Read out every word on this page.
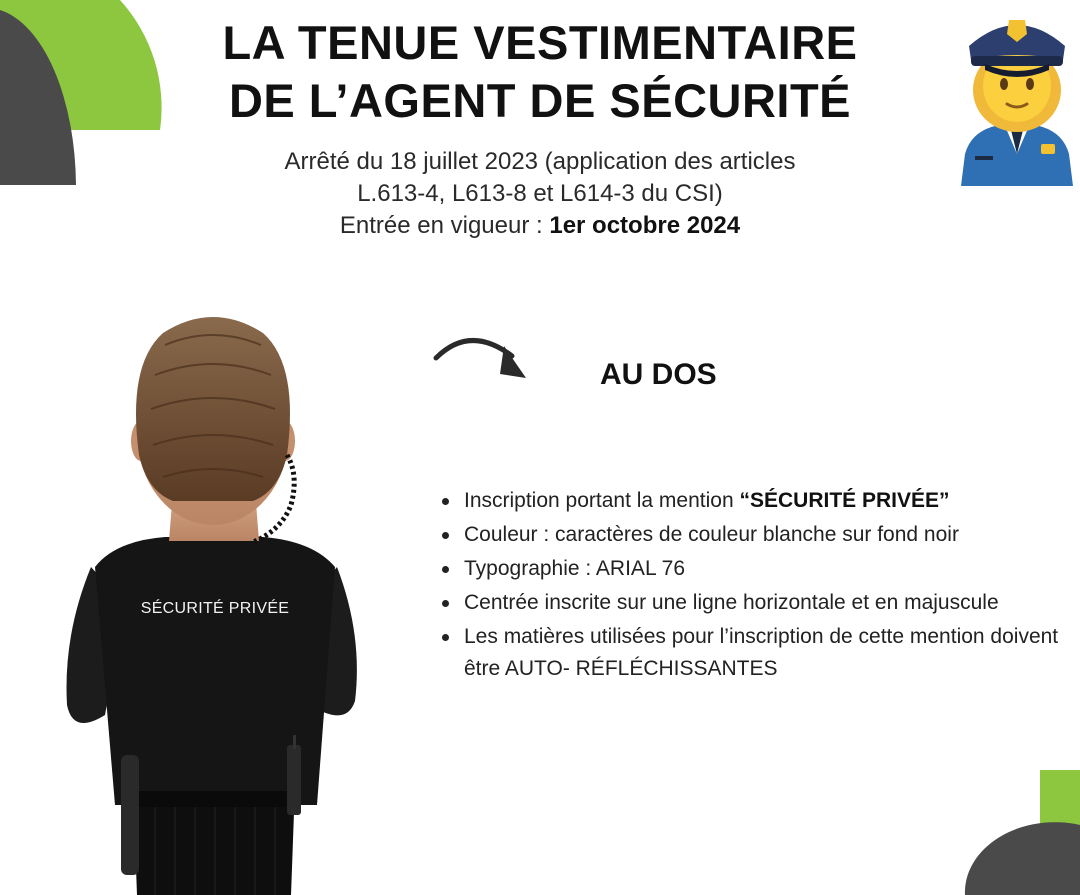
LA TENUE VESTIMENTAIRE
DE L’AGENT DE SÉCURITÉ
Arrêté du 18 juillet 2023 (application des articles
L.613-4, L613-8 et L614-3 du CSI)
Entrée en vigueur : 1er octobre 2024
AU DOS
Inscription portant la mention “SÉCURITÉ PRIVÉE”
Couleur : caractères de couleur blanche sur fond noir
Typographie : ARIAL 76
Centrée inscrite sur une ligne horizontale et en majuscule
Les matières utilisées pour l’inscription de cette mention doivent être AUTO- RÉFLÉCHISSANTES
SÉCURITÉ PRIVÉE
